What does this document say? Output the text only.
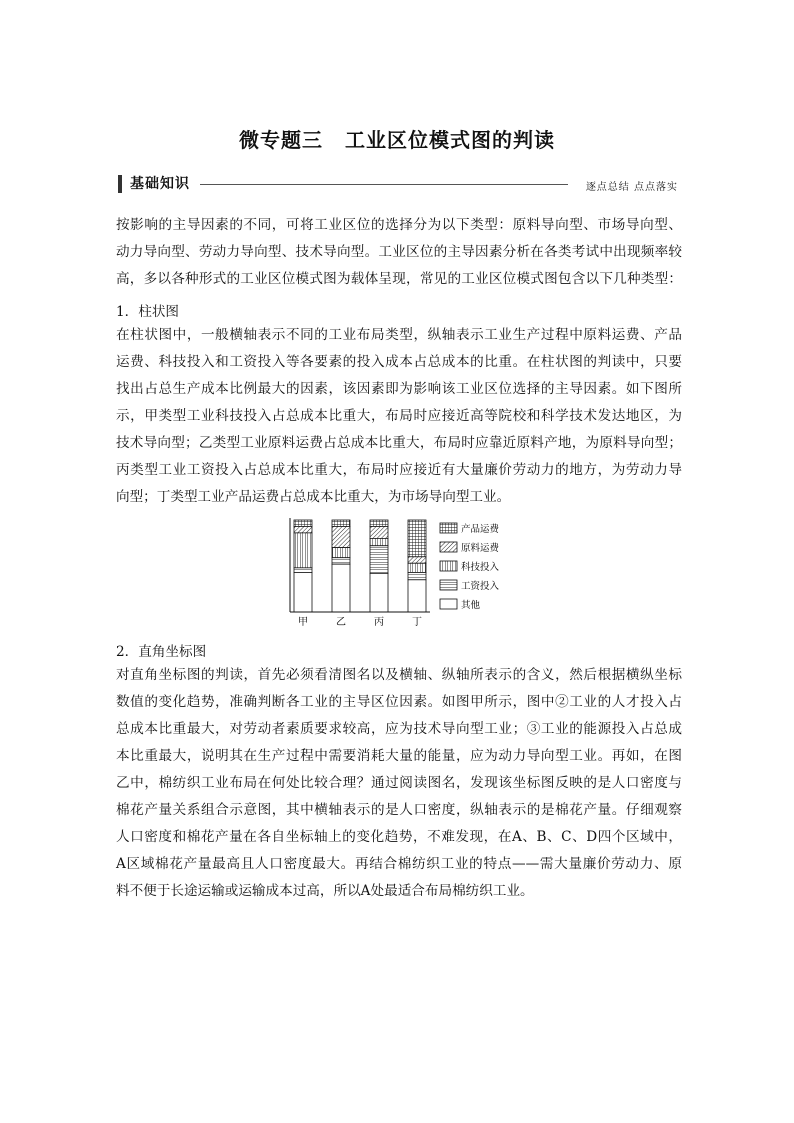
微专题三 工业区位模式图的判读
基础知识	逐点总结 点点落实
按影响的主导因素的不同，可将工业区位的选择分为以下类型：原料导向型、市场导向型、
动力导向型、劳动力导向型、技术导向型。工业区位的主导因素分析在各类考试中出现频率较
高，多以各种形式的工业区位模式图为载体呈现，常见的工业区位模式图包含以下几种类型：
1．柱状图
在柱状图中，一般横轴表示不同的工业布局类型，纵轴表示工业生产过程中原料运费、产品
运费、科技投入和工资投入等各要素的投入成本占总成本的比重。在柱状图的判读中，只要
找出占总生产成本比例最大的因素，该因素即为影响该工业区位选择的主导因素。如下图所
示，甲类型工业科技投入占总成本比重大，布局时应接近高等院校和科学技术发达地区，为
技术导向型；乙类型工业原料运费占总成本比重大，布局时应靠近原料产地，为原料导向型；
丙类型工业工资投入占总成本比重大，布局时应接近有大量廉价劳动力的地方，为劳动力导
向型；丁类型工业产品运费占总成本比重大，为市场导向型工业。
甲	乙	丙	丁
产品运费
原料运费
科技投入
工资投入
其他
2．直角坐标图
对直角坐标图的判读，首先必须看清图名以及横轴、纵轴所表示的含义，然后根据横纵坐标
数值的变化趋势，准确判断各工业的主导区位因素。如图甲所示，图中②工业的人才投入占
总成本比重最大，对劳动者素质要求较高，应为技术导向型工业；③工业的能源投入占总成
本比重最大，说明其在生产过程中需要消耗大量的能量，应为动力导向型工业。再如，在图
乙中，棉纺织工业布局在何处比较合理？通过阅读图名，发现该坐标图反映的是人口密度与
棉花产量关系组合示意图，其中横轴表示的是人口密度，纵轴表示的是棉花产量。仔细观察
人口密度和棉花产量在各自坐标轴上的变化趋势，不难发现，在A、B、C、D四个区域中，
A区域棉花产量最高且人口密度最大。再结合棉纺织工业的特点——需大量廉价劳动力、原
料不便于长途运输或运输成本过高，所以A处最适合布局棉纺织工业。
